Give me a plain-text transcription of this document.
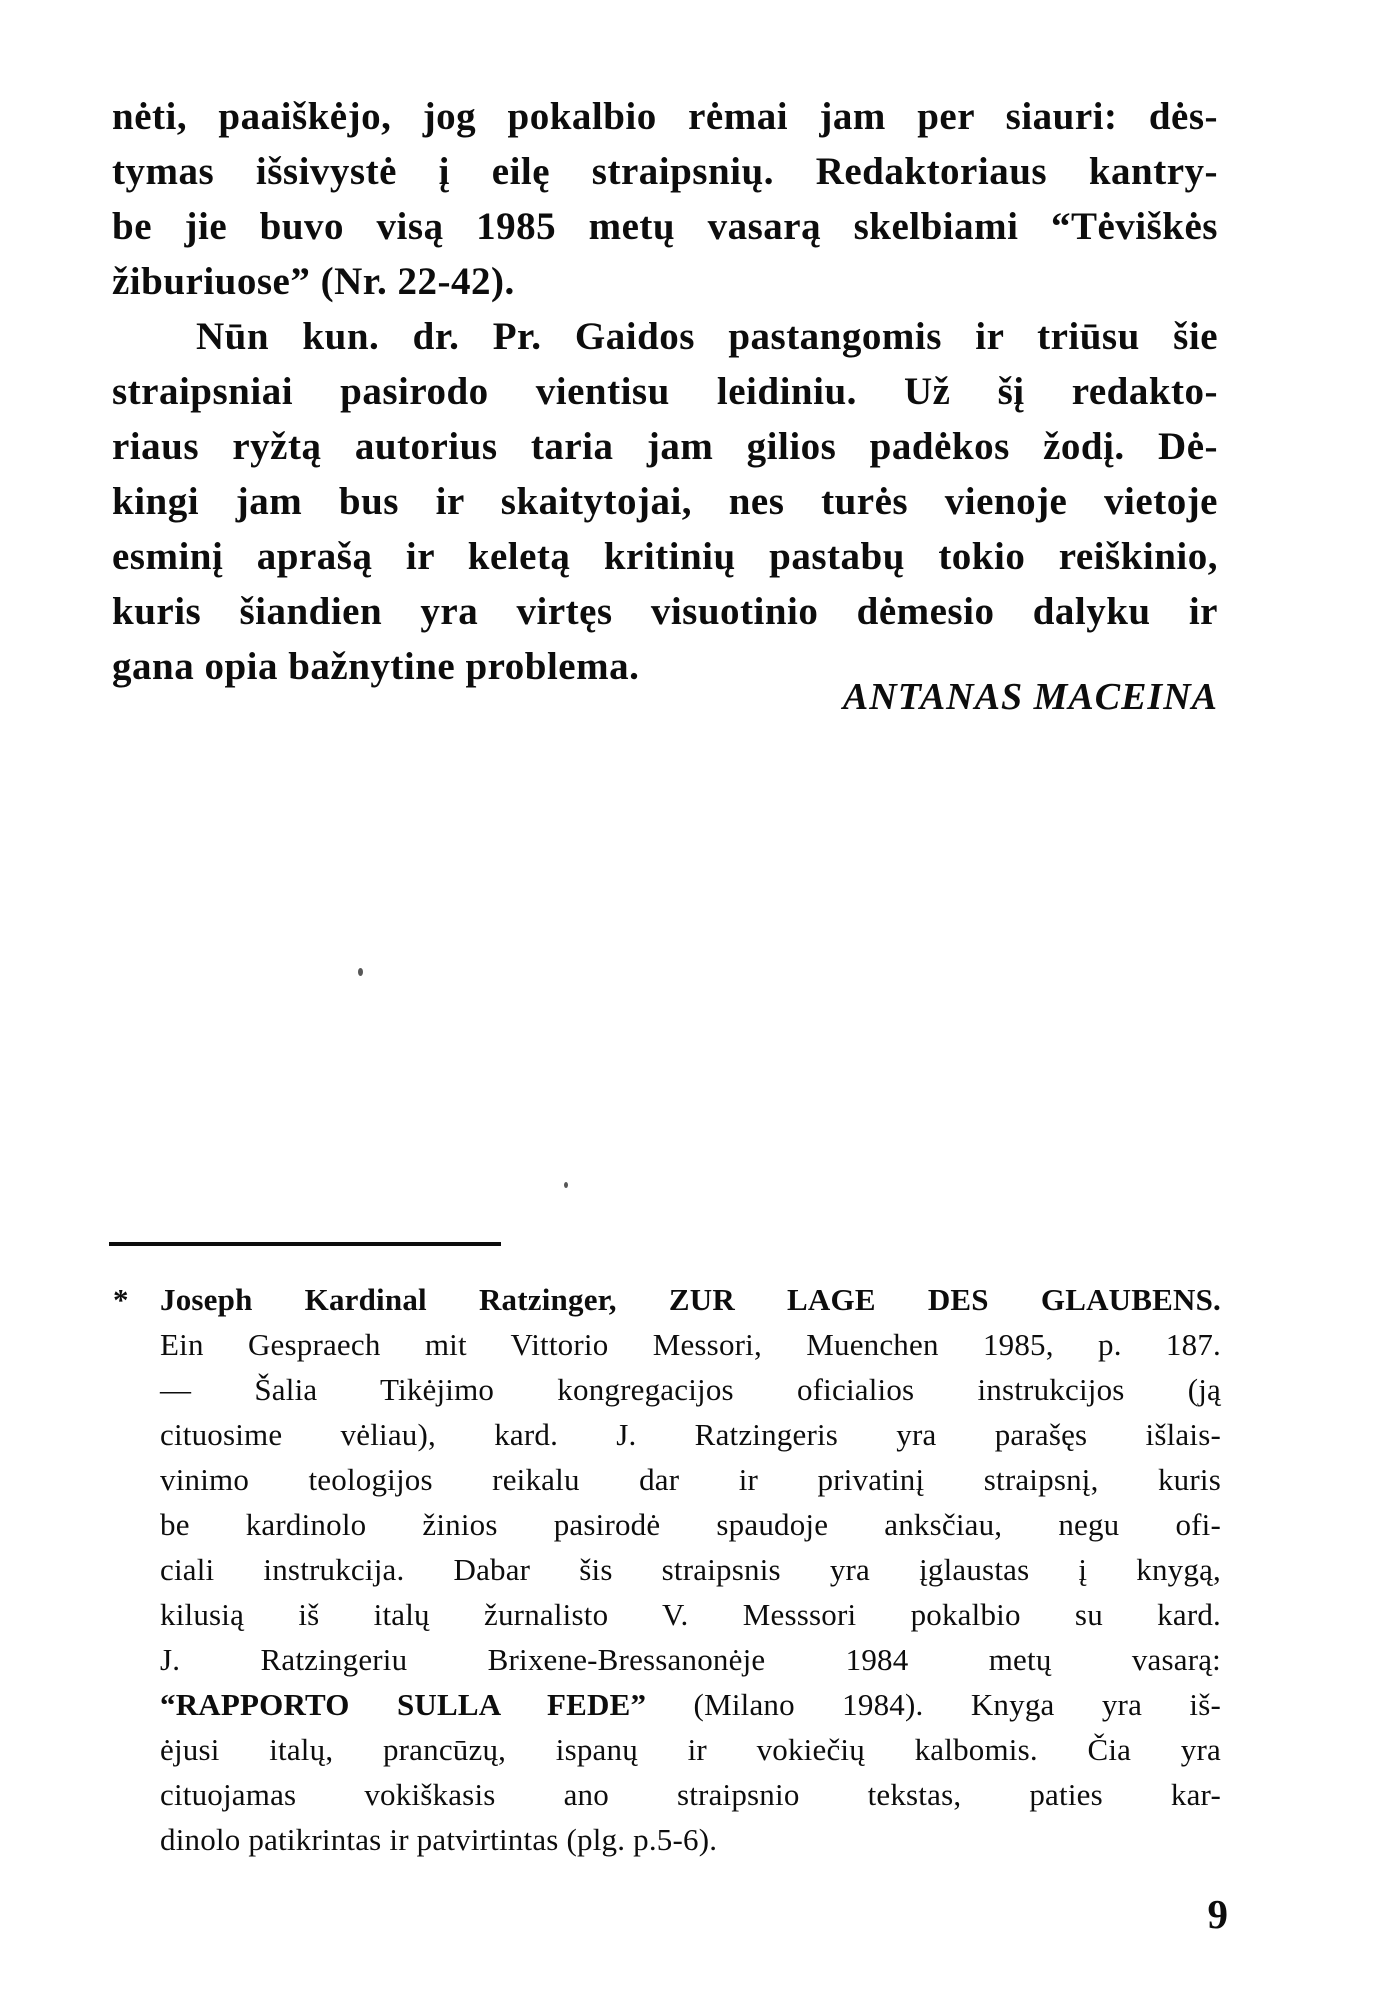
nėti, paaiškėjo, jog pokalbio rėmai jam per siauri: dės-
tymas išsivystė į eilę straipsnių. Redaktoriaus kantry-
be jie buvo visą 1985 metų vasarą skelbiami “Tėviškės
žiburiuose” (Nr. 22-42).
Nūn kun. dr. Pr. Gaidos pastangomis ir triūsu šie
straipsniai pasirodo vientisu leidiniu. Už šį redakto-
riaus ryžtą autorius taria jam gilios padėkos žodį. Dė-
kingi jam bus ir skaitytojai, nes turės vienoje vietoje
esminį aprašą ir keletą kritinių pastabų tokio reiškinio,
kuris šiandien yra virtęs visuotinio dėmesio dalyku ir
gana opia bažnytine problema.
ANTANAS MACEINA
Joseph Kardinal Ratzinger, ZUR LAGE DES GLAUBENS.
*
Ein Gespraech mit Vittorio Messori, Muenchen 1985, p. 187.
— Šalia Tikėjimo kongregacijos oficialios instrukcijos (ją
cituosime vėliau), kard. J. Ratzingeris yra parašęs išlais-
vinimo teologijos reikalu dar ir privatinį straipsnį, kuris
be kardinolo žinios pasirodė spaudoje anksčiau, negu ofi-
ciali instrukcija. Dabar šis straipsnis yra įglaustas į knygą,
kilusią iš italų žurnalisto V. Messsori pokalbio su kard.
J. Ratzingeriu Brixene-Bressanonėje 1984 metų vasarą:
“RAPPORTO SULLA FEDE” (Milano 1984). Knyga yra iš-
ėjusi italų, prancūzų, ispanų ir vokiečių kalbomis. Čia yra
cituojamas vokiškasis ano straipsnio tekstas, paties kar-
dinolo patikrintas ir patvirtintas (plg. p.5-6).
9
